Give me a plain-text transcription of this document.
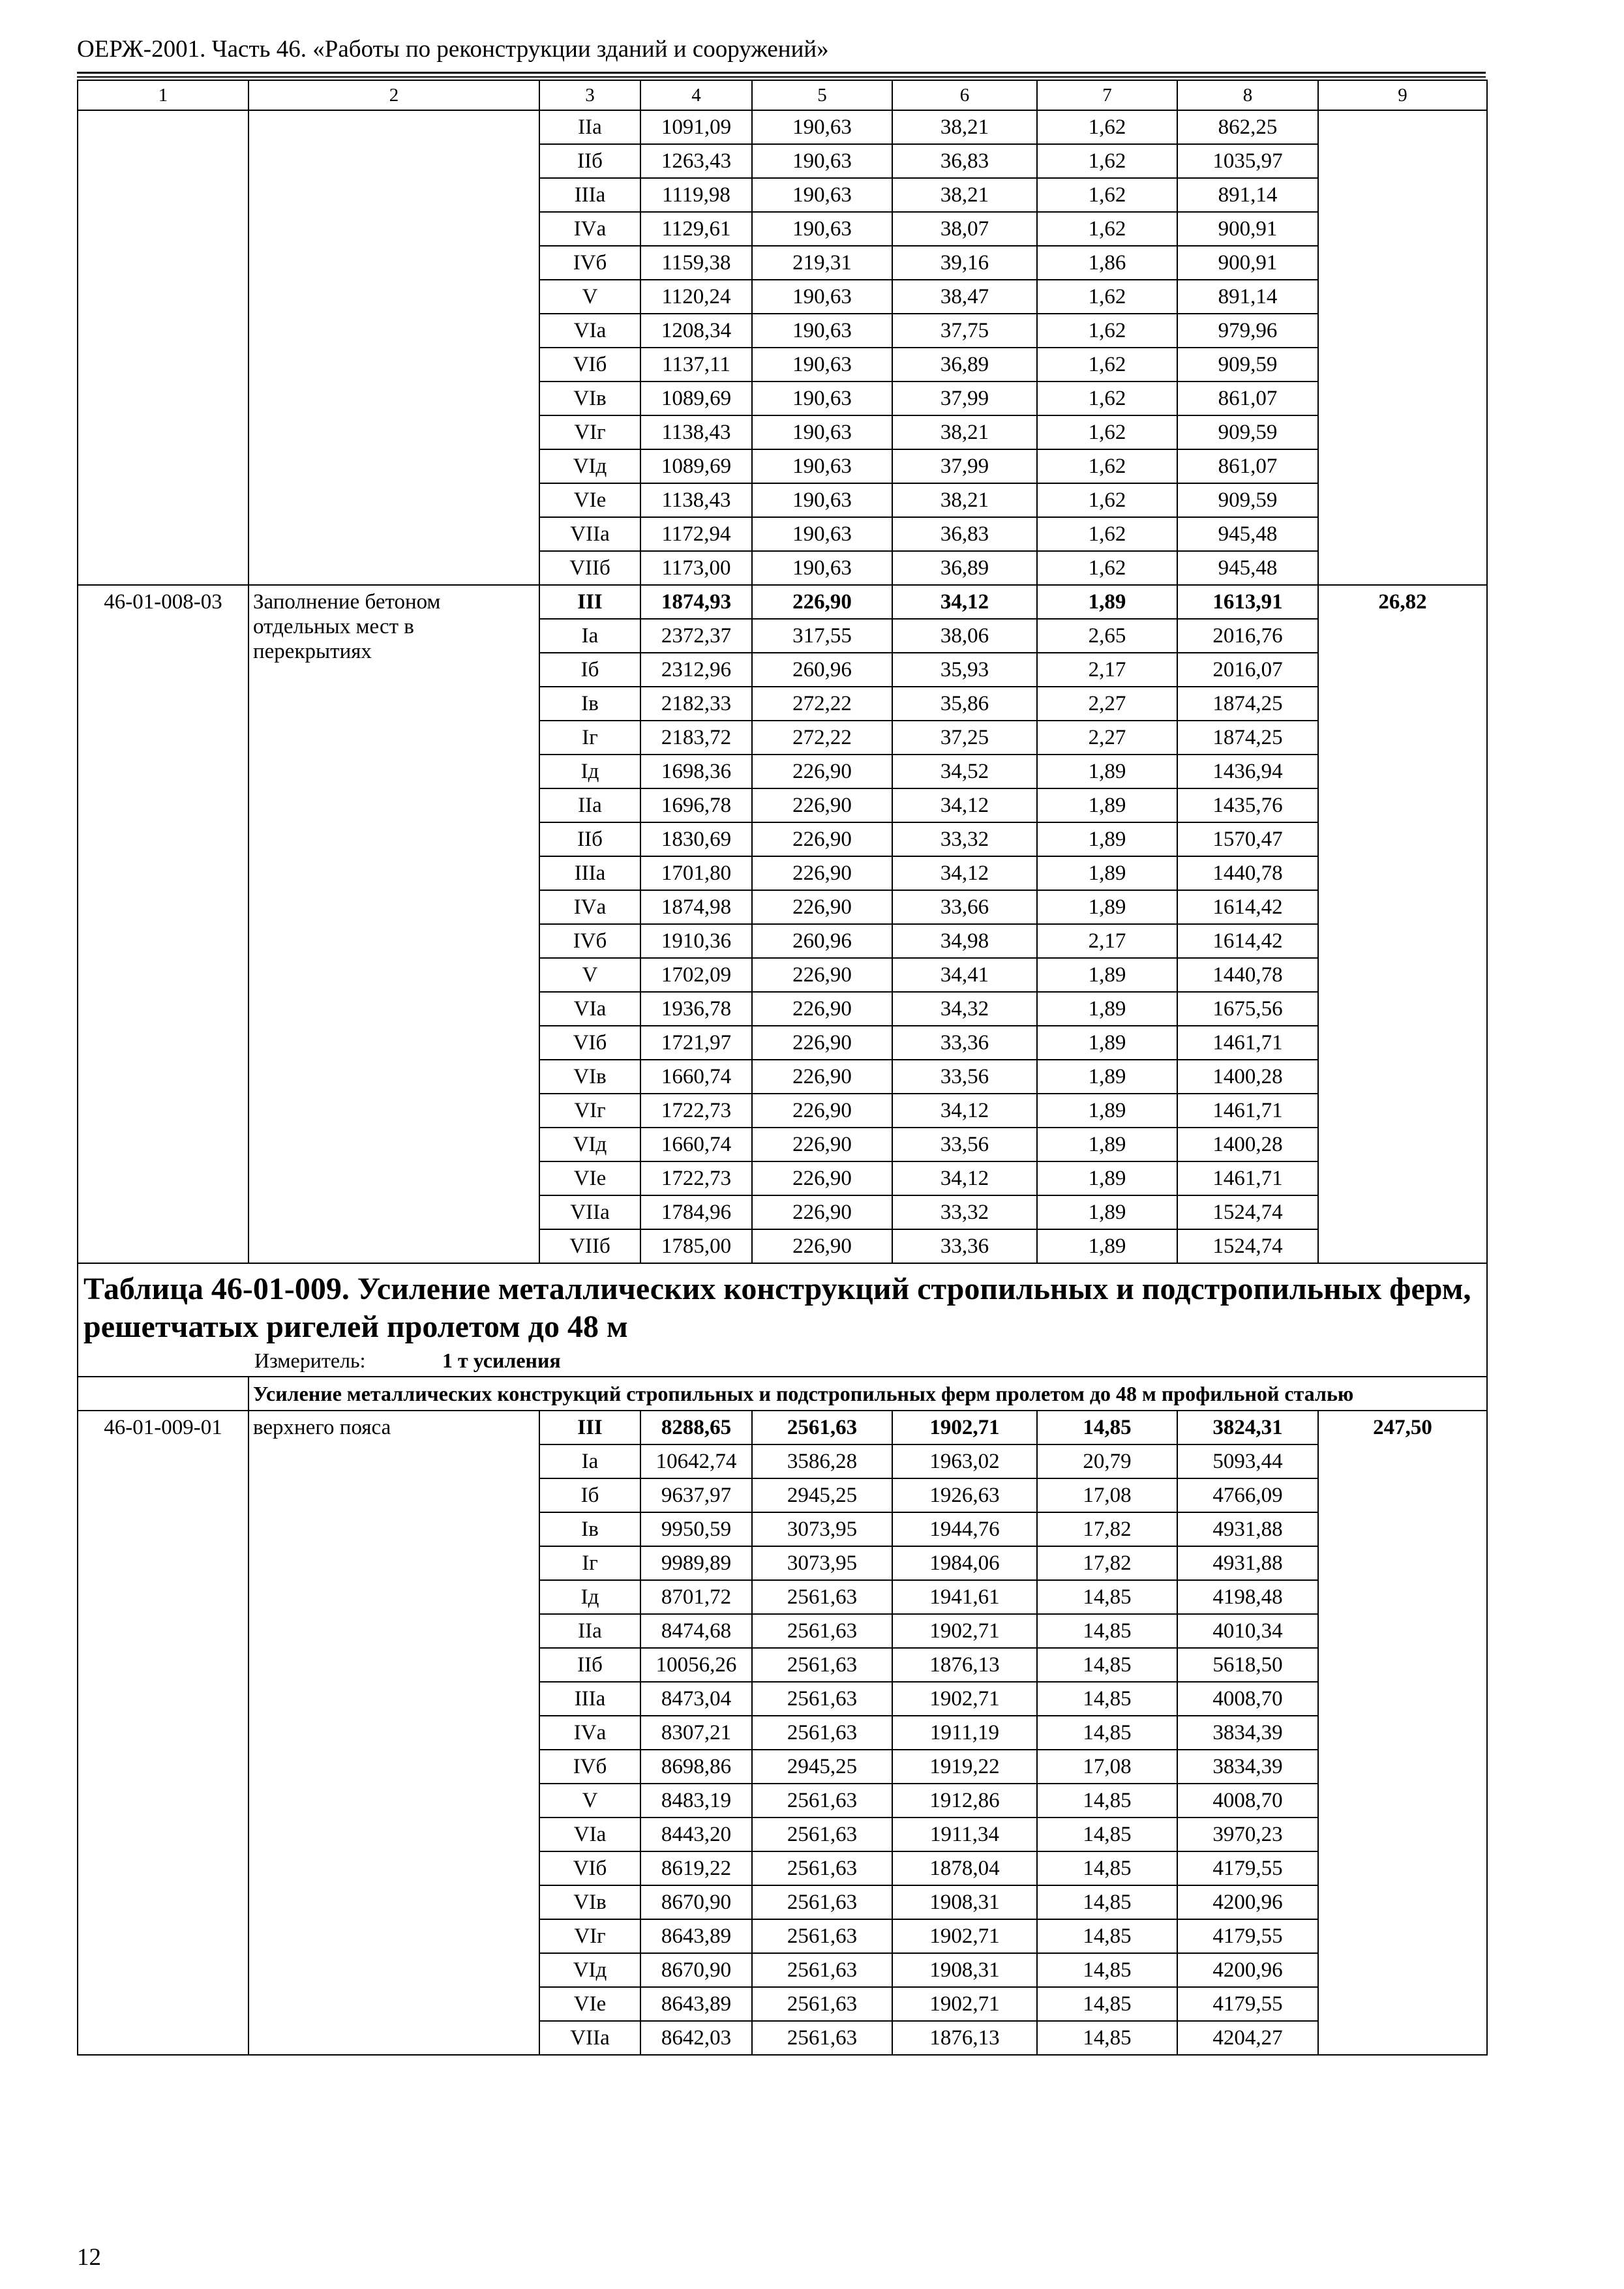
ОЕРЖ-2001. Часть 46. «Работы по реконструкции зданий и сооружений»
1	2	3	4	5	6	7	8	9
		IIа	1091,09	190,63	38,21	1,62	862,25	
		IIб	1263,43	190,63	36,83	1,62	1035,97	
		IIIа	1119,98	190,63	38,21	1,62	891,14	
		IVа	1129,61	190,63	38,07	1,62	900,91	
		IVб	1159,38	219,31	39,16	1,86	900,91	
		V	1120,24	190,63	38,47	1,62	891,14	
		VIа	1208,34	190,63	37,75	1,62	979,96	
		VIб	1137,11	190,63	36,89	1,62	909,59	
		VIв	1089,69	190,63	37,99	1,62	861,07	
		VIг	1138,43	190,63	38,21	1,62	909,59	
		VIд	1089,69	190,63	37,99	1,62	861,07	
		VIе	1138,43	190,63	38,21	1,62	909,59	
		VIIа	1172,94	190,63	36,83	1,62	945,48	
		VIIб	1173,00	190,63	36,89	1,62	945,48	
46-01-008-03	Заполнение бетоном отдельных мест в перекрытиях	III	1874,93	226,90	34,12	1,89	1613,91	26,82
		Iа	2372,37	317,55	38,06	2,65	2016,76	
		Iб	2312,96	260,96	35,93	2,17	2016,07	
		Iв	2182,33	272,22	35,86	2,27	1874,25	
		Iг	2183,72	272,22	37,25	2,27	1874,25	
		Iд	1698,36	226,90	34,52	1,89	1436,94	
		IIа	1696,78	226,90	34,12	1,89	1435,76	
		IIб	1830,69	226,90	33,32	1,89	1570,47	
		IIIа	1701,80	226,90	34,12	1,89	1440,78	
		IVа	1874,98	226,90	33,66	1,89	1614,42	
		IVб	1910,36	260,96	34,98	2,17	1614,42	
		V	1702,09	226,90	34,41	1,89	1440,78	
		VIа	1936,78	226,90	34,32	1,89	1675,56	
		VIб	1721,97	226,90	33,36	1,89	1461,71	
		VIв	1660,74	226,90	33,56	1,89	1400,28	
		VIг	1722,73	226,90	34,12	1,89	1461,71	
		VIд	1660,74	226,90	33,56	1,89	1400,28	
		VIе	1722,73	226,90	34,12	1,89	1461,71	
		VIIа	1784,96	226,90	33,32	1,89	1524,74	
		VIIб	1785,00	226,90	33,36	1,89	1524,74	

Таблица 46-01-009. Усиление металлических конструкций стропильных и подстропильных ферм, решетчатых ригелей пролетом до 48 м
Измеритель: 1 т усиления								

	Усиление металлических конструкций стропильных и подстропильных ферм пролетом до 48 м профильной сталью							
46-01-009-01	верхнего пояса	III	8288,65	2561,63	1902,71	14,85	3824,31	247,50
		Iа	10642,74	3586,28	1963,02	20,79	5093,44	
		Iб	9637,97	2945,25	1926,63	17,08	4766,09	
		Iв	9950,59	3073,95	1944,76	17,82	4931,88	
		Iг	9989,89	3073,95	1984,06	17,82	4931,88	
		Iд	8701,72	2561,63	1941,61	14,85	4198,48	
		IIа	8474,68	2561,63	1902,71	14,85	4010,34	
		IIб	10056,26	2561,63	1876,13	14,85	5618,50	
		IIIа	8473,04	2561,63	1902,71	14,85	4008,70	
		IVа	8307,21	2561,63	1911,19	14,85	3834,39	
		IVб	8698,86	2945,25	1919,22	17,08	3834,39	
		V	8483,19	2561,63	1912,86	14,85	4008,70	
		VIа	8443,20	2561,63	1911,34	14,85	3970,23	
		VIб	8619,22	2561,63	1878,04	14,85	4179,55	
		VIв	8670,90	2561,63	1908,31	14,85	4200,96	
		VIг	8643,89	2561,63	1902,71	14,85	4179,55	
		VIд	8670,90	2561,63	1908,31	14,85	4200,96	
		VIе	8643,89	2561,63	1902,71	14,85	4179,55	
		VIIа	8642,03	2561,63	1876,13	14,85	4204,27	
12
